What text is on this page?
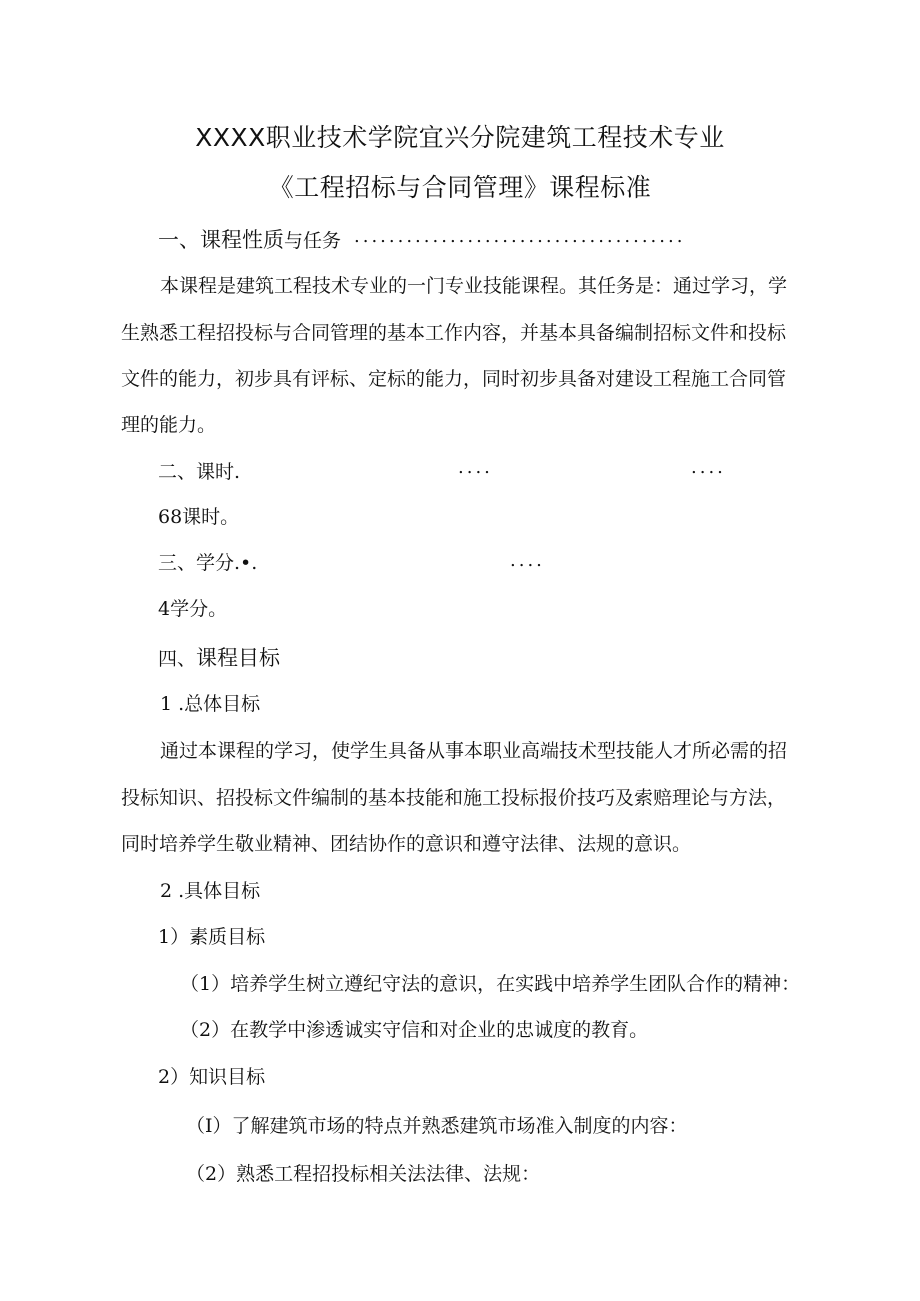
XXXX职业技术学院宜兴分院建筑工程技术专业
《工程招标与合同管理》课程标准
一、课程性质与任务 ......................................
本课程是建筑工程技术专业的一门专业技能课程。其任务是：通过学习，学
生熟悉工程招投标与合同管理的基本工作内容，并基本具备编制招标文件和投标
文件的能力，初步具有评标、定标的能力，同时初步具备对建设工程施工合同管
理的能力。
二、课时.	....	....
68课时。
三、学分.•.	....
4学分。
四、课程目标
1 .总体目标
通过本课程的学习，使学生具备从事本职业高端技术型技能人才所必需的招
投标知识、招投标文件编制的基本技能和施工投标报价技巧及索赔理论与方法，
同时培养学生敬业精神、团结协作的意识和遵守法律、法规的意识。
2 .具体目标
1）素质目标
（1）培养学生树立遵纪守法的意识，在实践中培养学生团队合作的精神：
（2）在教学中渗透诚实守信和对企业的忠诚度的教育。
2）知识目标
（I）了解建筑市场的特点并熟悉建筑市场准入制度的内容：
（2）熟悉工程招投标相关法法律、法规：
